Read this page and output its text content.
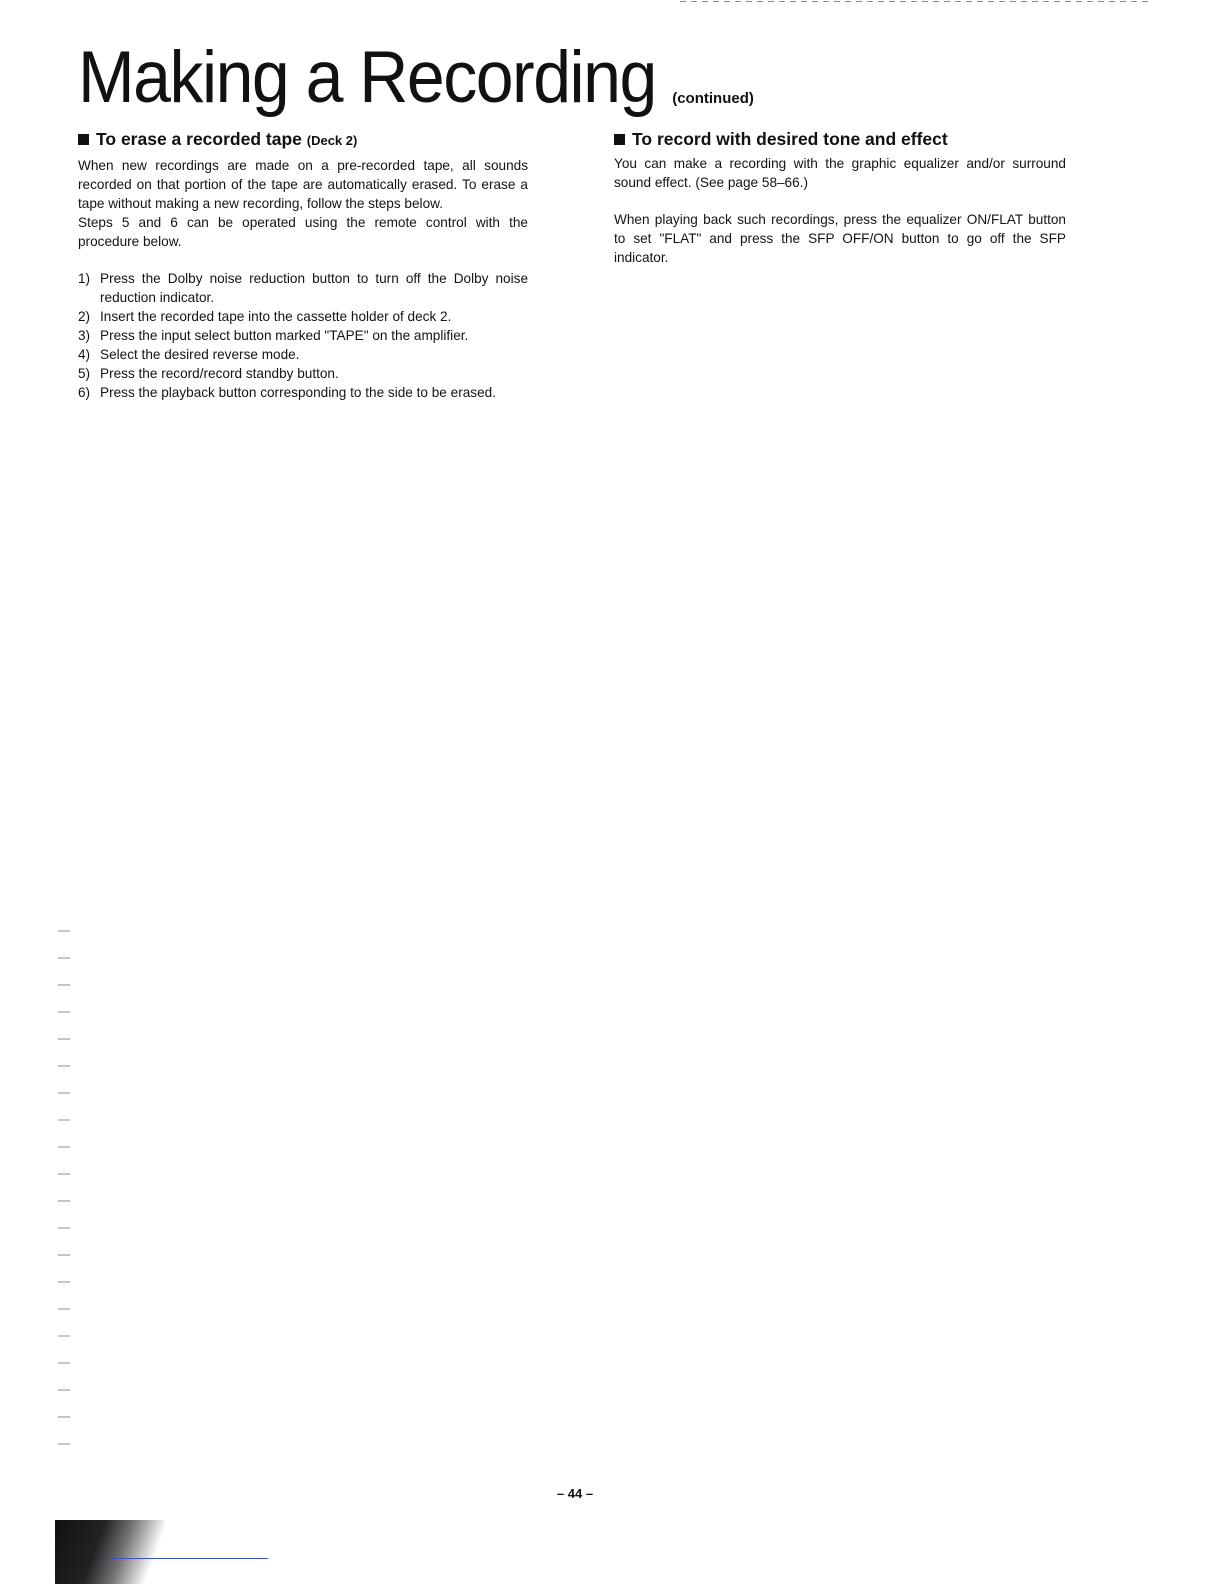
Making a Recording (continued)
To erase a recorded tape (Deck 2)

When new recordings are made on a pre-recorded tape, all sounds recorded on that portion of the tape are automatically erased. To erase a tape without making a new recording, follow the steps below.

Steps 5 and 6 can be operated using the remote control with the procedure below.

1) Press the Dolby noise reduction button to turn off the Dolby noise reduction indicator.
2) Insert the recorded tape into the cassette holder of deck 2.
3) Press the input select button marked "TAPE" on the amplifier.
4) Select the desired reverse mode.
5) Press the record/record standby button.
6) Press the playback button corresponding to the side to be erased.
To record with desired tone and effect

You can make a recording with the graphic equalizer and/or surround sound effect. (See page 58–66.)

When playing back such recordings, press the equalizer ON/FLAT button to set "FLAT" and press the SFP OFF/ON button to go off the SFP indicator.

– 44 –
